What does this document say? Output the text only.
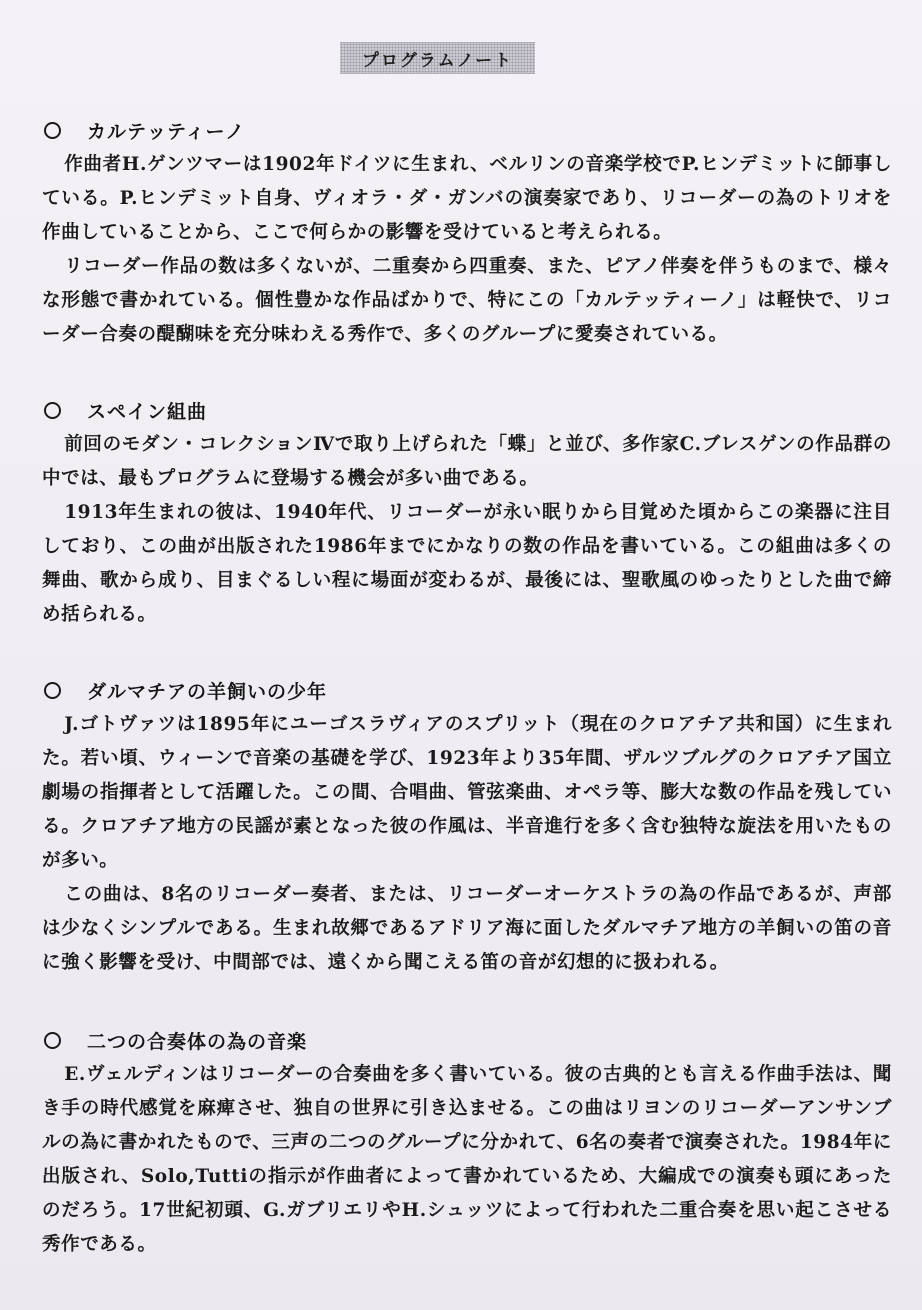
プログラムノート
カルテッティーノ

作曲者H.ゲンツマーは1902年ドイツに生まれ、ベルリンの音楽学校でP.ヒンデミットに師事している。P.ヒンデミット自身、ヴィオラ・ダ・ガンバの演奏家であり、リコーダーの為のトリオを作曲していることから、ここで何らかの影響を受けていると考えられる。

リコーダー作品の数は多くないが、二重奏から四重奏、また、ピアノ伴奏を伴うものまで、様々な形態で書かれている。個性豊かな作品ばかりで、特にこの「カルテッティーノ」は軽快で、リコーダー合奏の醍醐味を充分味わえる秀作で、多くのグループに愛奏されている。

スペイン組曲

前回のモダン・コレクションⅣで取り上げられた「蝶」と並び、多作家C.ブレスゲンの作品群の中では、最もプログラムに登場する機会が多い曲である。

1913年生まれの彼は、1940年代、リコーダーが永い眠りから目覚めた頃からこの楽器に注目しており、この曲が出版された1986年までにかなりの数の作品を書いている。この組曲は多くの舞曲、歌から成り、目まぐるしい程に場面が変わるが、最後には、聖歌風のゆったりとした曲で締め括られる。

ダルマチアの羊飼いの少年

J.ゴトヴァツは1895年にユーゴスラヴィアのスプリット（現在のクロアチア共和国）に生まれた。若い頃、ウィーンで音楽の基礎を学び、1923年より35年間、ザルツブルグのクロアチア国立劇場の指揮者として活躍した。この間、合唱曲、管弦楽曲、オペラ等、膨大な数の作品を残している。クロアチア地方の民謡が素となった彼の作風は、半音進行を多く含む独特な旋法を用いたものが多い。

この曲は、8名のリコーダー奏者、または、リコーダーオーケストラの為の作品であるが、声部は少なくシンプルである。生まれ故郷であるアドリア海に面したダルマチア地方の羊飼いの笛の音に強く影響を受け、中間部では、遠くから聞こえる笛の音が幻想的に扱われる。

二つの合奏体の為の音楽

E.ヴェルディンはリコーダーの合奏曲を多く書いている。彼の古典的とも言える作曲手法は、聞き手の時代感覚を麻痺させ、独自の世界に引き込ませる。この曲はリヨンのリコーダーアンサンブルの為に書かれたもので、三声の二つのグループに分かれて、6名の奏者で演奏された。1984年に出版され、Solo,Tuttiの指示が作曲者によって書かれているため、大編成での演奏も頭にあったのだろう。17世紀初頭、G.ガブリエリやH.シュッツによって行われた二重合奏を思い起こさせる秀作である。
